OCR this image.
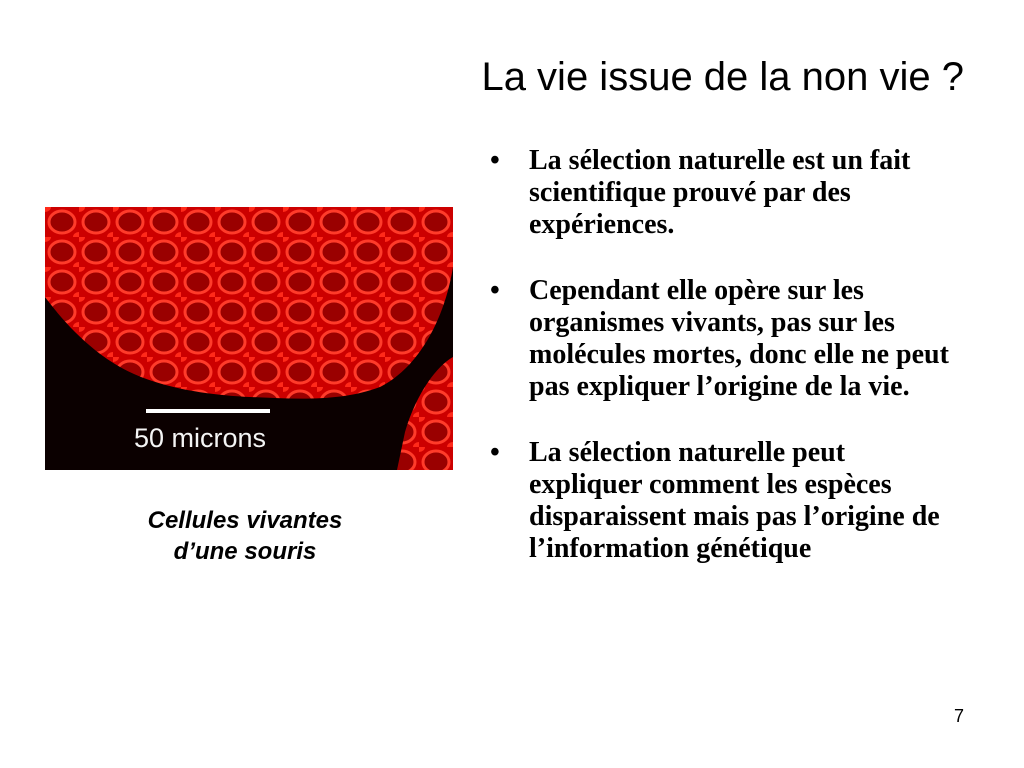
La vie issue de la non vie ?
50 microns
Cellules vivantes
d’une souris
• La sélection naturelle est un fait scientifique prouvé par des expériences.
• Cependant elle opère sur les organismes vivants, pas sur les molécules mortes, donc elle ne peut pas expliquer l’origine de la vie.
• La sélection naturelle peut expliquer comment les espèces disparaissent mais pas l’origine de l’information génétique
7
